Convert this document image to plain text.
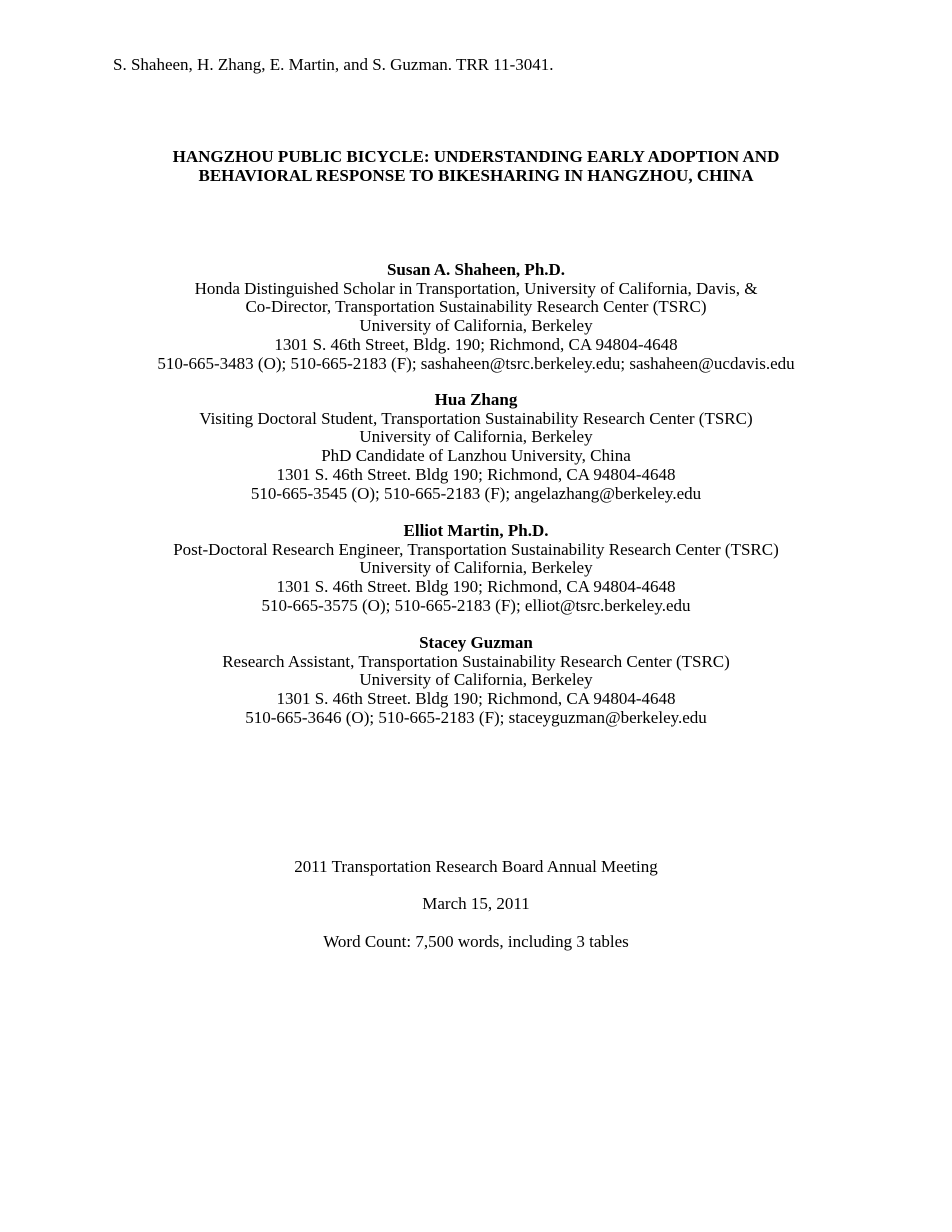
S. Shaheen, H. Zhang, E. Martin, and S. Guzman. TRR 11-3041.
HANGZHOU PUBLIC BICYCLE: UNDERSTANDING EARLY ADOPTION AND
BEHAVIORAL RESPONSE TO BIKESHARING IN HANGZHOU, CHINA
Susan A. Shaheen, Ph.D.
Honda Distinguished Scholar in Transportation, University of California, Davis, &
Co-Director, Transportation Sustainability Research Center (TSRC)
University of California, Berkeley
1301 S. 46th Street, Bldg. 190; Richmond, CA 94804-4648
510-665-3483 (O); 510-665-2183 (F); sashaheen@tsrc.berkeley.edu; sashaheen@ucdavis.edu
Hua Zhang
Visiting Doctoral Student, Transportation Sustainability Research Center (TSRC)
University of California, Berkeley
PhD Candidate of Lanzhou University, China
1301 S. 46th Street. Bldg 190; Richmond, CA 94804-4648
510-665-3545 (O); 510-665-2183 (F); angelazhang@berkeley.edu
Elliot Martin, Ph.D.
Post-Doctoral Research Engineer, Transportation Sustainability Research Center (TSRC)
University of California, Berkeley
1301 S. 46th Street. Bldg 190; Richmond, CA 94804-4648
510-665-3575 (O); 510-665-2183 (F); elliot@tsrc.berkeley.edu
Stacey Guzman
Research Assistant, Transportation Sustainability Research Center (TSRC)
University of California, Berkeley
1301 S. 46th Street. Bldg 190; Richmond, CA 94804-4648
510-665-3646 (O); 510-665-2183 (F); staceyguzman@berkeley.edu
2011 Transportation Research Board Annual Meeting
March 15, 2011
Word Count: 7,500 words, including 3 tables
